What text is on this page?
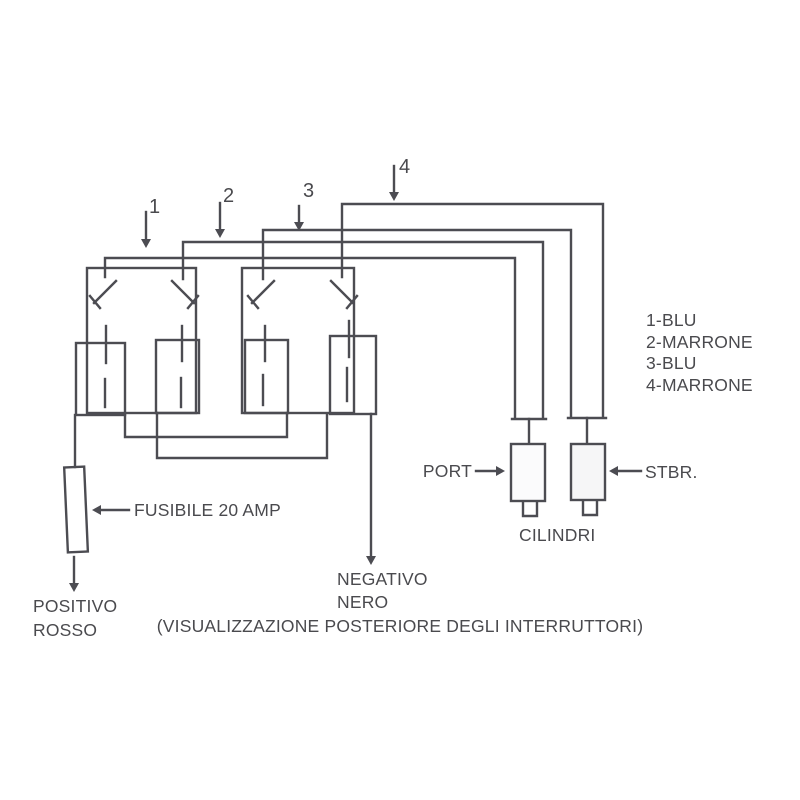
1	2	3
4
1-BLU
2-MARRONE
3-BLU
4-MARRONE
FUSIBILE 20 AMP
POSITIVO
ROSSO
NEGATIVO
NERO
PORT	STBR.
CILINDRI
(VISUALIZZAZIONE POSTERIORE DEGLI INTERRUTTORI)
